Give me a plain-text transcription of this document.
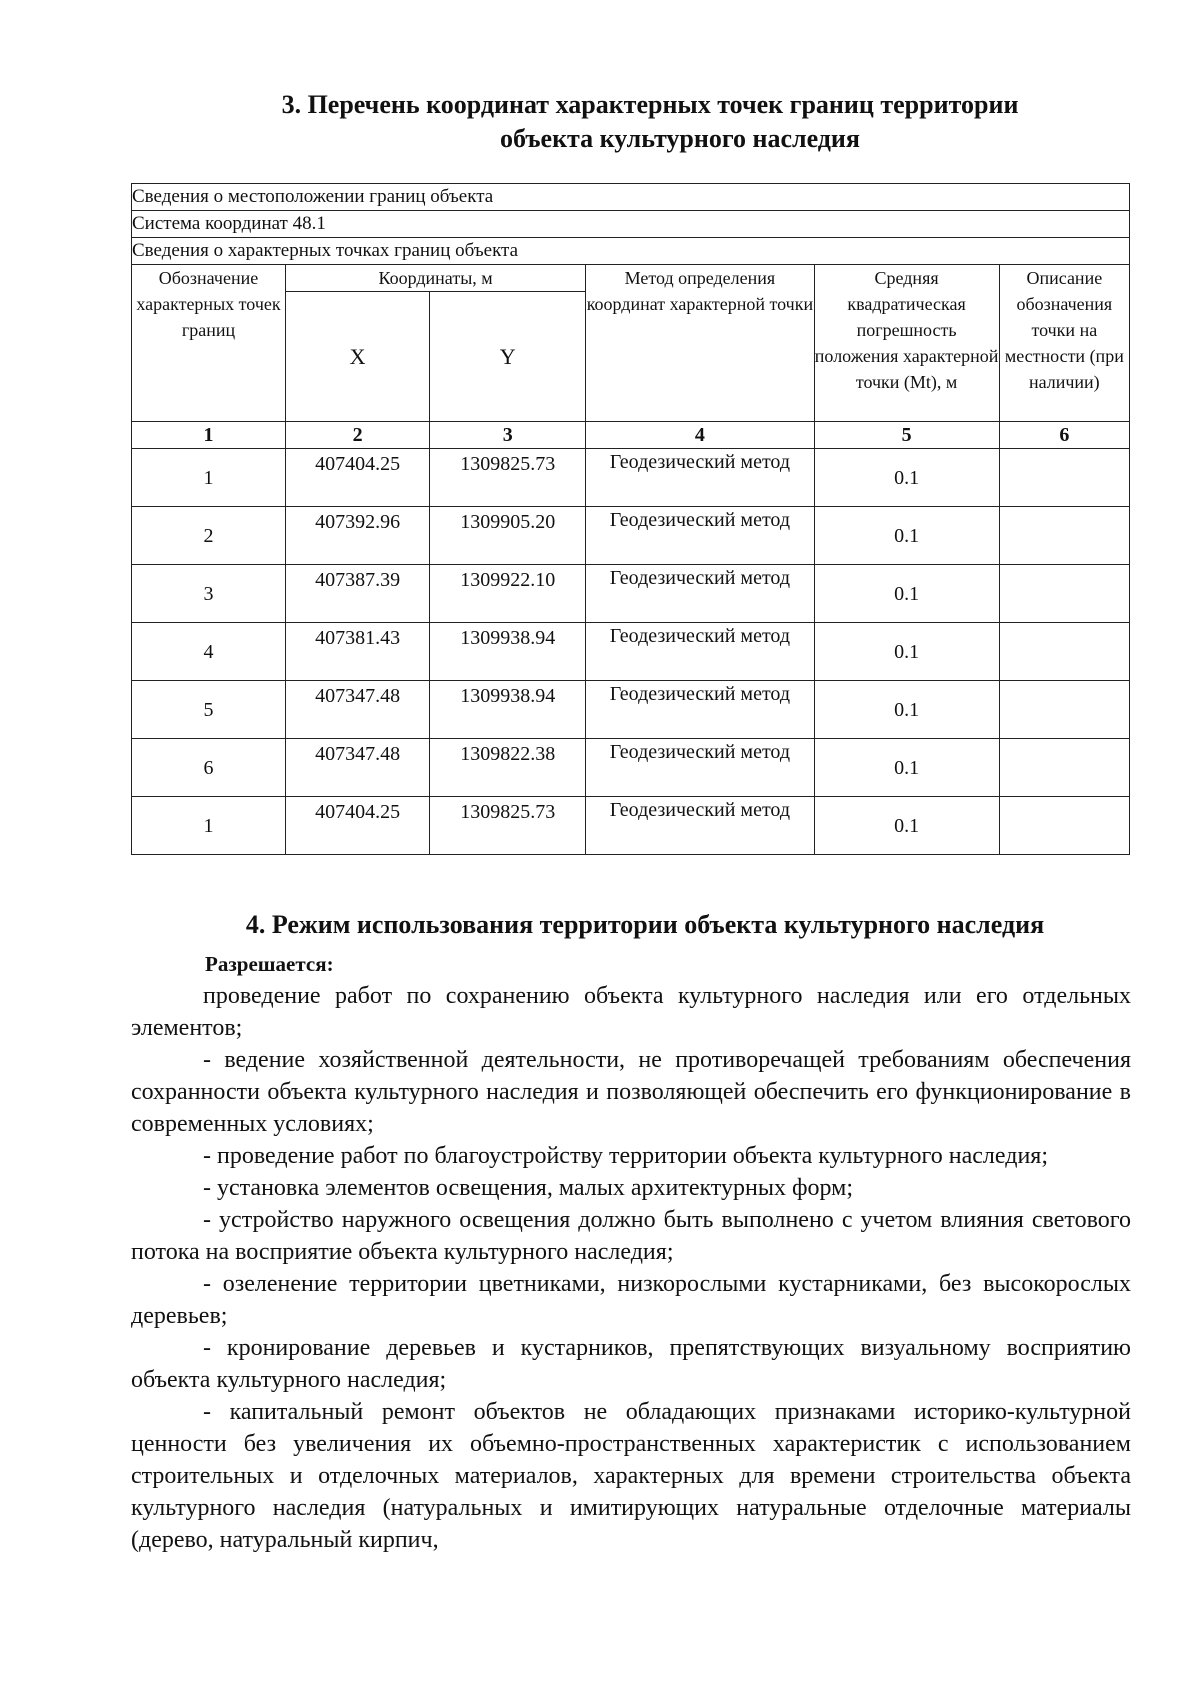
3. Перечень координат характерных точек границ территории
объекта культурного наследия
Сведения о местоположении границ объекта					
Система координат 48.1					
Сведения о характерных точках границ объекта					
Обозначение характерных точек границ	Координаты, м		Метод определения координат характерной точки	Средняя квадратическая погрешность положения характерной точки (Mt), м	Описание обозначения точки на местности (при наличии)
	X	Y			
1	2	3	4	5	6
1	407404.25	1309825.73	Геодезический метод	0.1	
2	407392.96	1309905.20	Геодезический метод	0.1	
3	407387.39	1309922.10	Геодезический метод	0.1	
4	407381.43	1309938.94	Геодезический метод	0.1	
5	407347.48	1309938.94	Геодезический метод	0.1	
6	407347.48	1309822.38	Геодезический метод	0.1	
1	407404.25	1309825.73	Геодезический метод	0.1	
4. Режим использования территории объекта культурного наследия
Разрешается:

проведение работ по сохранению объекта культурного наследия или его отдельных элементов;

- ведение хозяйственной деятельности, не противоречащей требованиям обеспечения сохранности объекта культурного наследия и позволяющей обеспечить его функционирование в современных условиях;

- проведение работ по благоустройству территории объекта культурного наследия;

- установка элементов освещения, малых архитектурных форм;

- устройство наружного освещения должно быть выполнено с учетом влияния светового потока на восприятие объекта культурного наследия;

- озеленение территории цветниками, низкорослыми кустарниками, без высокорослых деревьев;

- кронирование деревьев и кустарников, препятствующих визуальному восприятию объекта культурного наследия;

- капитальный ремонт объектов не обладающих признаками историко-культурной ценности без увеличения их объемно-пространственных характеристик с использованием строительных и отделочных материалов, характерных для времени строительства объекта культурного наследия (натуральных и имитирующих натуральные отделочные материалы (дерево, натуральный кирпич,
